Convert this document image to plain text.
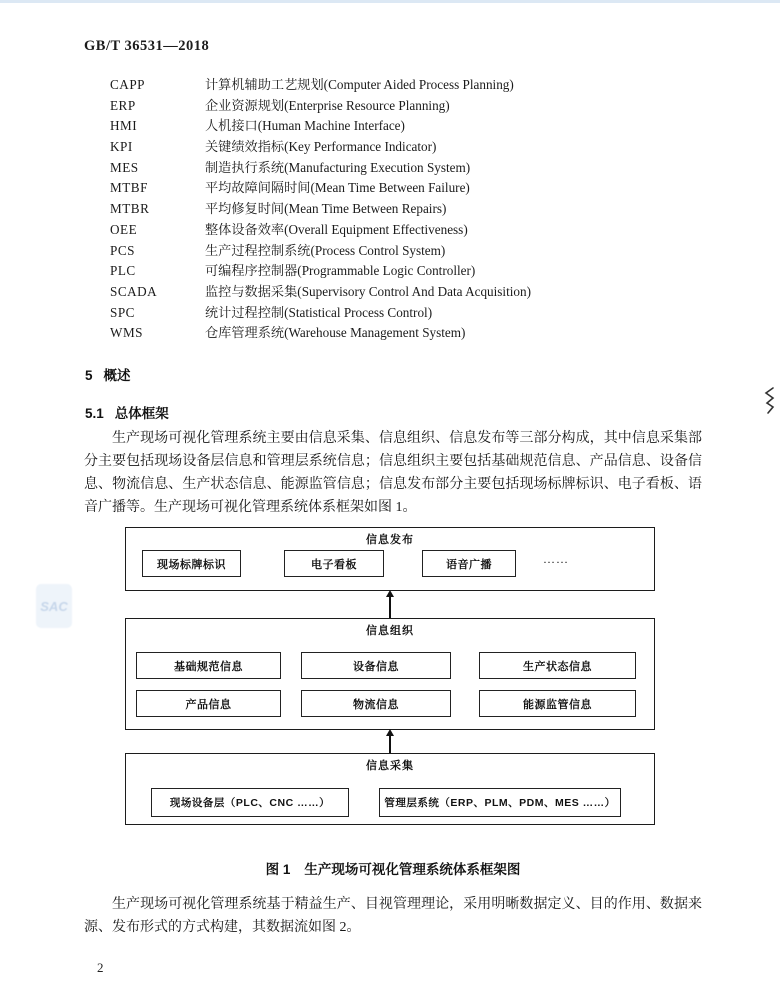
GB/T 36531—2018
CAPP	计算机辅助工艺规划(Computer Aided Process Planning)
ERP	企业资源规划(Enterprise Resource Planning)
HMI	人机接口(Human Machine Interface)
KPI	关键绩效指标(Key Performance Indicator)
MES	制造执行系统(Manufacturing Execution System)
MTBF	平均故障间隔时间(Mean Time Between Failure)
MTBR	平均修复时间(Mean Time Between Repairs)
OEE	整体设备效率(Overall Equipment Effectiveness)
PCS	生产过程控制系统(Process Control System)
PLC	可编程序控制器(Programmable Logic Controller)
SCADA	监控与数据采集(Supervisory Control And Data Acquisition)
SPC	统计过程控制(Statistical Process Control)
WMS	仓库管理系统(Warehouse Management System)
5 概述
5.1 总体框架
生产现场可视化管理系统主要由信息采集、信息组织、信息发布等三部分构成，其中信息采集部分主要包括现场设备层信息和管理层系统信息；信息组织主要包括基础规范信息、产品信息、设备信息、物流信息、生产状态信息、能源监管信息；信息发布部分主要包括现场标牌标识、电子看板、语音广播等。生产现场可视化管理系统体系框架如图 1。
信息发布
现场标牌标识	电子看板	语音广播	……
信息组织
基础规范信息	设备信息	生产状态信息
产品信息	物流信息	能源监管信息
信息采集
现场设备层（PLC、CNC ……）	管理层系统（ERP、PLM、PDM、MES ……）
图 1 生产现场可视化管理系统体系框架图
生产现场可视化管理系统基于精益生产、目视管理理论，采用明晰数据定义、目的作用、数据来源、发布形式的方式构建，其数据流如图 2。
2
SAC
